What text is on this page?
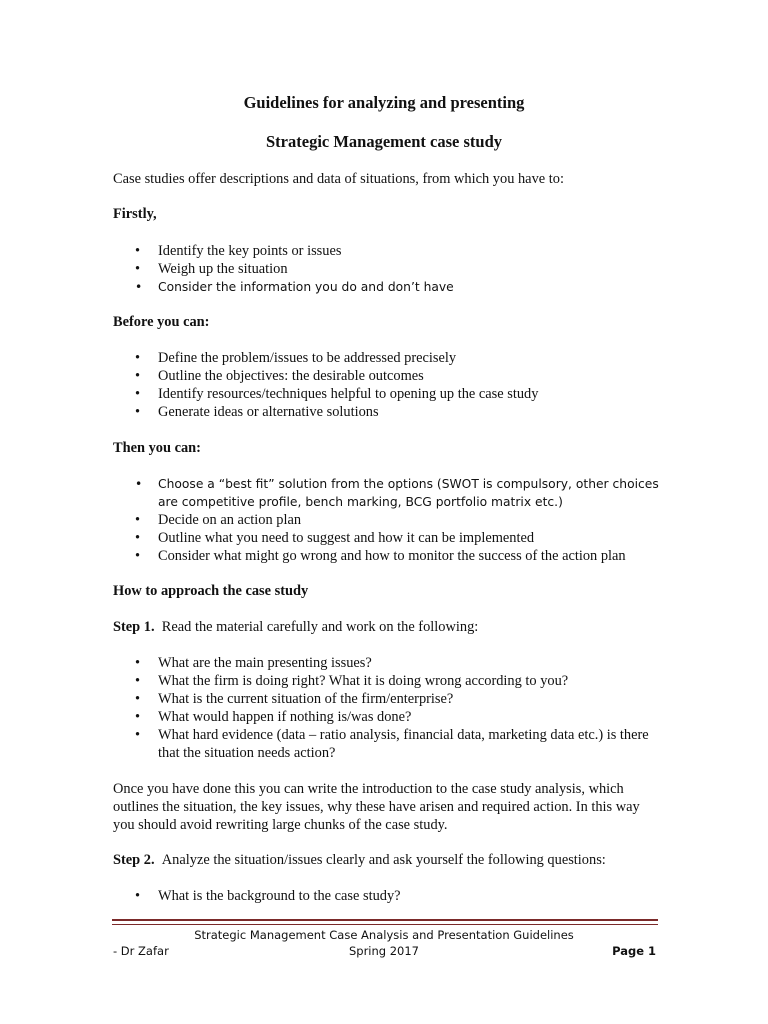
Guidelines for analyzing and presenting

Strategic Management case study

Case studies offer descriptions and data of situations, from which you have to:

Firstly,

• Identify the key points or issues
• Weigh up the situation
• Consider the information you do and don’t have

Before you can:

• Define the problem/issues to be addressed precisely
• Outline the objectives: the desirable outcomes
• Identify resources/techniques helpful to opening up the case study
• Generate ideas or alternative solutions

Then you can:

• Choose a “best fit” solution from the options (SWOT is compulsory, other choices are competitive profile, bench marking, BCG portfolio matrix etc.)
• Decide on an action plan
• Outline what you need to suggest and how it can be implemented
• Consider what might go wrong and how to monitor the success of the action plan

How to approach the case study

Step 1. Read the material carefully and work on the following:

• What are the main presenting issues?
• What the firm is doing right? What it is doing wrong according to you?
• What is the current situation of the firm/enterprise?
• What would happen if nothing is/was done?
• What hard evidence (data – ratio analysis, financial data, marketing data etc.) is there that the situation needs action?

Once you have done this you can write the introduction to the case study analysis, which outlines the situation, the key issues, why these have arisen and required action. In this way you should avoid rewriting large chunks of the case study.

Step 2. Analyze the situation/issues clearly and ask yourself the following questions:

• What is the background to the case study?

Strategic Management Case Analysis and Presentation Guidelines

- Dr Zafar	Spring 2017	Page 1
